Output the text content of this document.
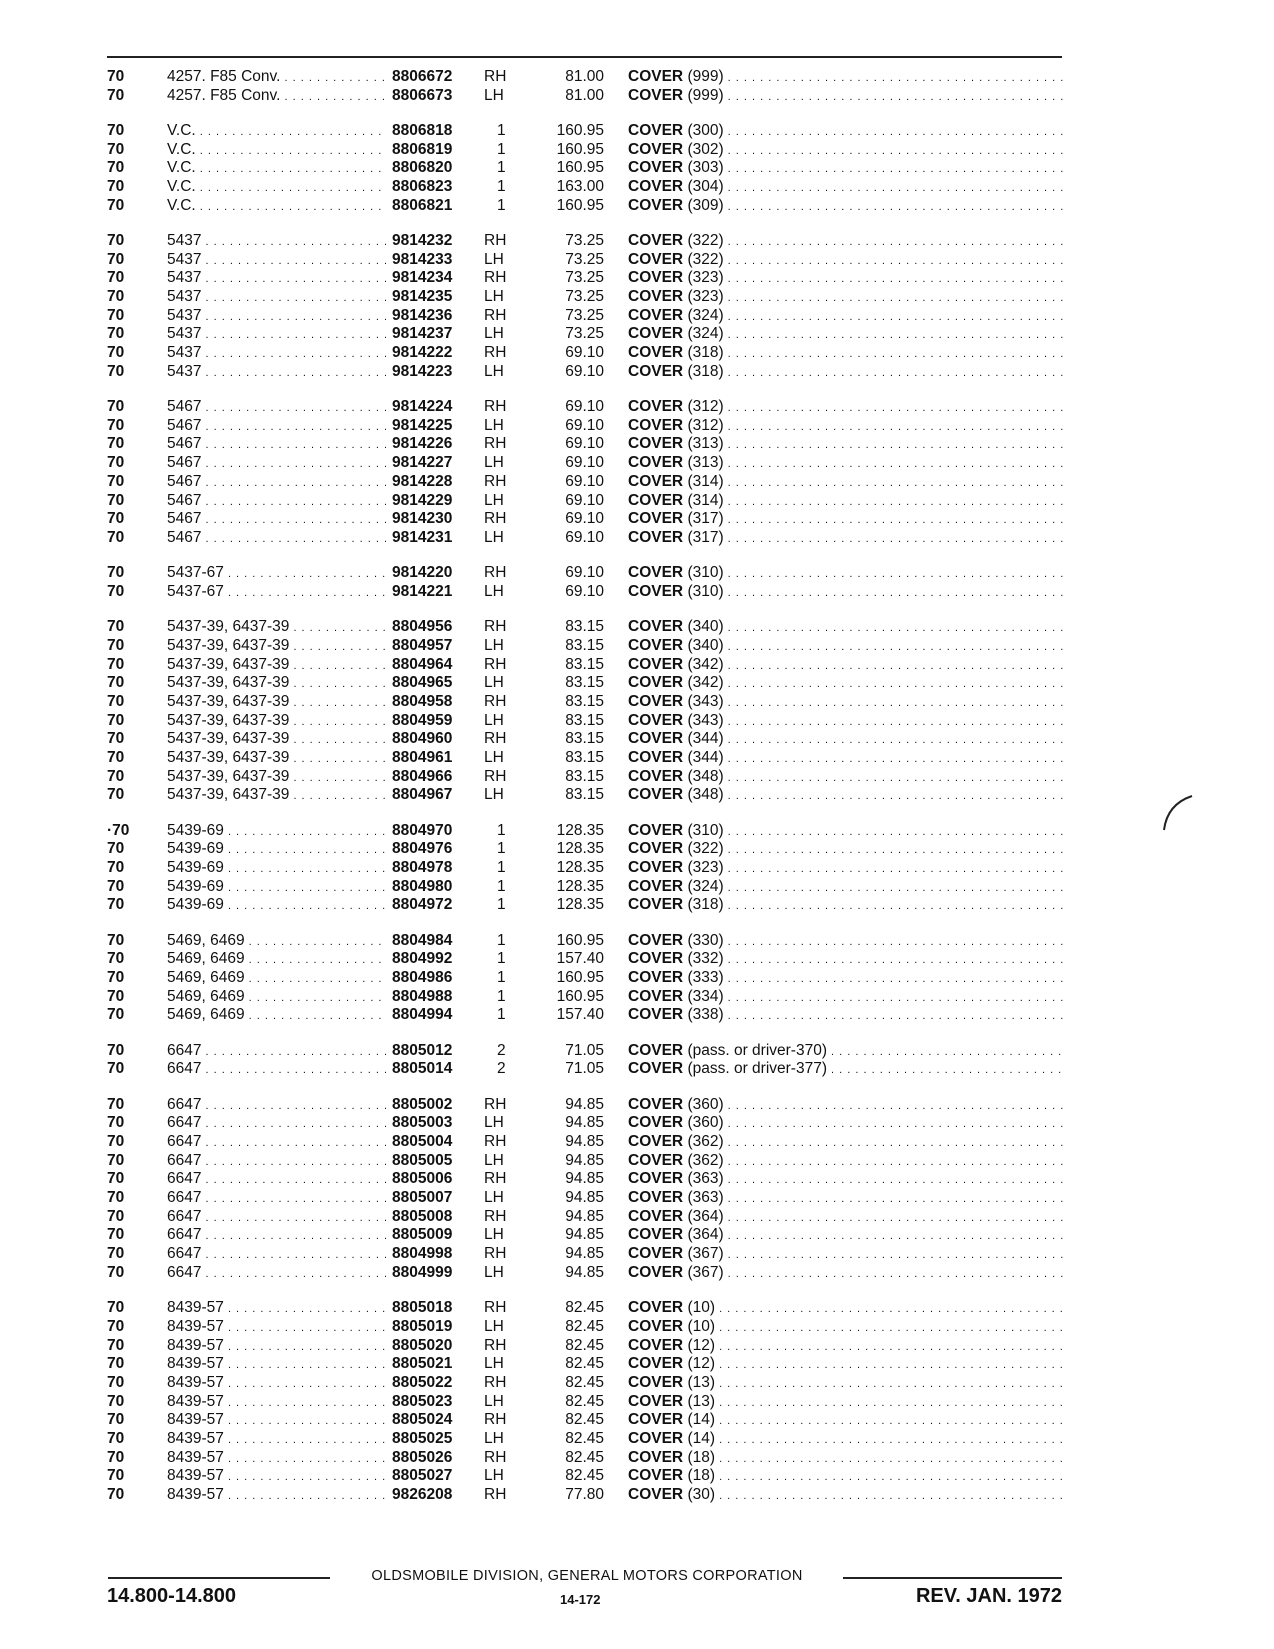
70	4257. F85 Conv. . . .	8806672 RH	81.00 COVER (999) . . .
70	4257. F85 Conv. . . .	8806673 LH	81.00 COVER (999) . . .
70	V.C. . . .	8806818	1	160.95 COVER (300) . . .
70	V.C. . . .	8806819	1	160.95 COVER (302) . . .
70	V.C. . . .	8806820	1	160.95 COVER (303) . . .
70	V.C. . . .	8806823	1	163.00 COVER (304) . . .
70	V.C. . . .	8806821	1	160.95 COVER (309) . . .
70	5437 . . .	9814232 RH	73.25 COVER (322) . . .
70	5437 . . .	9814233 LH	73.25 COVER (322) . . .
70	5437 . . .	9814234 RH	73.25 COVER (323) . . .
70	5437 . . .	9814235 LH	73.25 COVER (323) . . .
70	5437 . . .	9814236 RH	73.25 COVER (324) . . .
70	5437 . . .	9814237 LH	73.25 COVER (324) . . .
70	5437 . . .	9814222 RH	69.10 COVER (318) . . .
70	5437 . . .	9814223 LH	69.10 COVER (318) . . .
70	5467 . . .	9814224 RH	69.10 COVER (312) . . .
70	5467 . . .	9814225 LH	69.10 COVER (312) . . .
70	5467 . . .	9814226 RH	69.10 COVER (313) . . .
70	5467 . . .	9814227 LH	69.10 COVER (313) . . .
70	5467 . . .	9814228 RH	69.10 COVER (314) . . .
70	5467 . . .	9814229 LH	69.10 COVER (314) . . .
70	5467 . . .	9814230 RH	69.10 COVER (317) . . .
70	5467 . . .	9814231 LH	69.10 COVER (317) . . .
70	5437-67 . . .	9814220 RH	69.10 COVER (310) . . .
70	5437-67 . . .	9814221 LH	69.10 COVER (310) . . .
70	5437-39, 6437-39 . . .	8804956 RH	83.15 COVER (340) . . .
70	5437-39, 6437-39 . . .	8804957 LH	83.15 COVER (340) . . .
70	5437-39, 6437-39 . . .	8804964 RH	83.15 COVER (342) . . .
70	5437-39, 6437-39 . . .	8804965 LH	83.15 COVER (342) . . .
70	5437-39, 6437-39 . . .	8804958 RH	83.15 COVER (343) . . .
70	5437-39, 6437-39 . . .	8804959 LH	83.15 COVER (343) . . .
70	5437-39, 6437-39 . . .	8804960 RH	83.15 COVER (344) . . .
70	5437-39, 6437-39 . . .	8804961 LH	83.15 COVER (344) . . .
70	5437-39, 6437-39 . . .	8804966 RH	83.15 COVER (348) . . .
70	5437-39, 6437-39 . . .	8804967 LH	83.15 COVER (348) . . .
·70 5439-69 . . .	8804970	1	128.35 COVER (310) . . .
70	5439-69 . . .	8804976	1	128.35 COVER (322) . . .
70	5439-69 . . .	8804978	1	128.35 COVER (323) . . .
70	5439-69 . . .	8804980	1	128.35 COVER (324) . . .
70	5439-69 . . .	8804972	1	128.35 COVER (318) . . .
70	5469, 6469 . . .	8804984	1	160.95 COVER (330) . . .
70	5469, 6469 . . .	8804992	1	157.40 COVER (332) . . .
70	5469, 6469 . . .	8804986	1	160.95 COVER (333) . . .
70	5469, 6469 . . .	8804988	1	160.95 COVER (334) . . .
70	5469, 6469 . . .	8804994	1	157.40 COVER (338) . . .
70	6647 . . .	8805012	2	71.05 COVER (pass. or driver-370) . . .
70	6647 . . .	8805014	2	71.05 COVER (pass. or driver-377) . . .
70	6647 . . .	8805002 RH	94.85 COVER (360) . . .
70	6647 . . .	8805003 LH	94.85 COVER (360) . . .
70	6647 . . .	8805004 RH	94.85 COVER (362) . . .
70	6647 . . .	8805005 LH	94.85 COVER (362) . . .
70	6647 . . .	8805006 RH	94.85 COVER (363) . . .
70	6647 . . .	8805007 LH	94.85 COVER (363) . . .
70	6647 . . .	8805008 RH	94.85 COVER (364) . . .
70	6647 . . .	8805009 LH	94.85 COVER (364) . . .
70	6647 . . .	8804998 RH	94.85 COVER (367) . . .
70	6647 . . .	8804999 LH	94.85 COVER (367) . . .
70	8439-57 . . .	8805018 RH	82.45 COVER (10) . . .
70	8439-57 . . .	8805019 LH	82.45 COVER (10) . . .
70	8439-57 . . .	8805020 RH	82.45 COVER (12) . . .
70	8439-57 . . .	8805021 LH	82.45 COVER (12) . . .
70	8439-57 . . .	8805022 RH	82.45 COVER (13) . . .
70	8439-57 . . .	8805023 LH	82.45 COVER (13) . . .
70	8439-57 . . .	8805024 RH	82.45 COVER (14) . . .
70	8439-57 . . .	8805025 LH	82.45 COVER (14) . . .
70	8439-57 . . .	8805026 RH	82.45 COVER (18) . . .
70	8439-57 . . .	8805027 LH	82.45 COVER (18) . . .
70	8439-57 . . .	9826208 RH	77.80 COVER (30) . . .
OLDSMOBILE DIVISION, GENERAL MOTORS CORPORATION
14.800-14.800	14-172	REV. JAN. 1972
